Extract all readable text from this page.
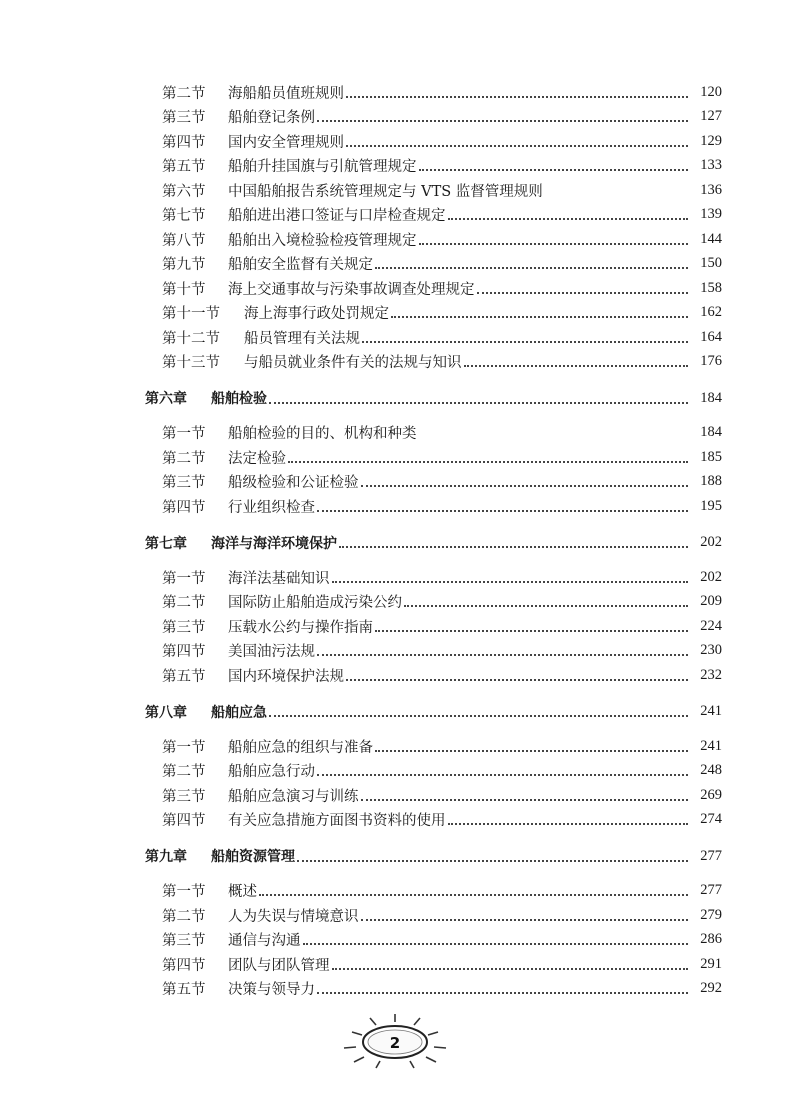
第二节	海船船员值班规则	120
第三节	船舶登记条例	127
第四节	国内安全管理规则	129
第五节	船舶升挂国旗与引航管理规定	133
第六节	中国船舶报告系统管理规定与 VTS 监督管理规则	136
第七节	船舶进出港口签证与口岸检查规定	139
第八节	船舶出入境检验检疫管理规定	144
第九节	船舶安全监督有关规定	150
第十节	海上交通事故与污染事故调查处理规定	158
第十一节	海上海事行政处罚规定	162
第十二节	船员管理有关法规	164
第十三节	与船员就业条件有关的法规与知识	176
第六章	船舶检验	184
第一节	船舶检验的目的、机构和种类	184
第二节	法定检验	185
第三节	船级检验和公证检验	188
第四节	行业组织检查	195
第七章	海洋与海洋环境保护	202
第一节	海洋法基础知识	202
第二节	国际防止船舶造成污染公约	209
第三节	压载水公约与操作指南	224
第四节	美国油污法规	230
第五节	国内环境保护法规	232
第八章	船舶应急	241
第一节	船舶应急的组织与准备	241
第二节	船舶应急行动	248
第三节	船舶应急演习与训练	269
第四节	有关应急措施方面图书资料的使用	274
第九章	船舶资源管理	277
第一节	概述	277
第二节	人为失误与情境意识	279
第三节	通信与沟通	286
第四节	团队与团队管理	291
第五节	决策与领导力	292
2
